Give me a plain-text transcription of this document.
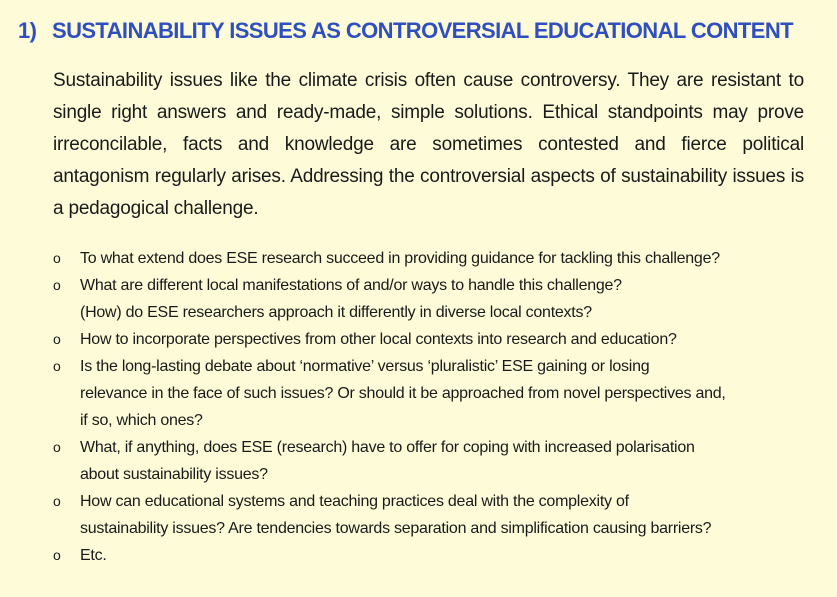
1) SUSTAINABILITY ISSUES AS CONTROVERSIAL EDUCATIONAL CONTENT

Sustainability issues like the climate crisis often cause controversy. They are resistant to single right answers and ready-made, simple solutions. Ethical standpoints may prove irreconcilable, facts and knowledge are sometimes contested and fierce political antagonism regularly arises. Addressing the controversial aspects of sustainability issues is a pedagogical challenge.

o	To what extend does ESE research succeed in providing guidance for tackling this challenge?
o	What are different local manifestations of and/or ways to handle this challenge?
(How) do ESE researchers approach it differently in diverse local contexts?
o	How to incorporate perspectives from other local contexts into research and education?
o	Is the long-lasting debate about ‘normative’ versus ‘pluralistic’ ESE gaining or losing
relevance in the face of such issues? Or should it be approached from novel perspectives and,
if so, which ones?
o	What, if anything, does ESE (research) have to offer for coping with increased polarisation
about sustainability issues?
o	How can educational systems and teaching practices deal with the complexity of
sustainability issues? Are tendencies towards separation and simplification causing barriers?
o	Etc.
